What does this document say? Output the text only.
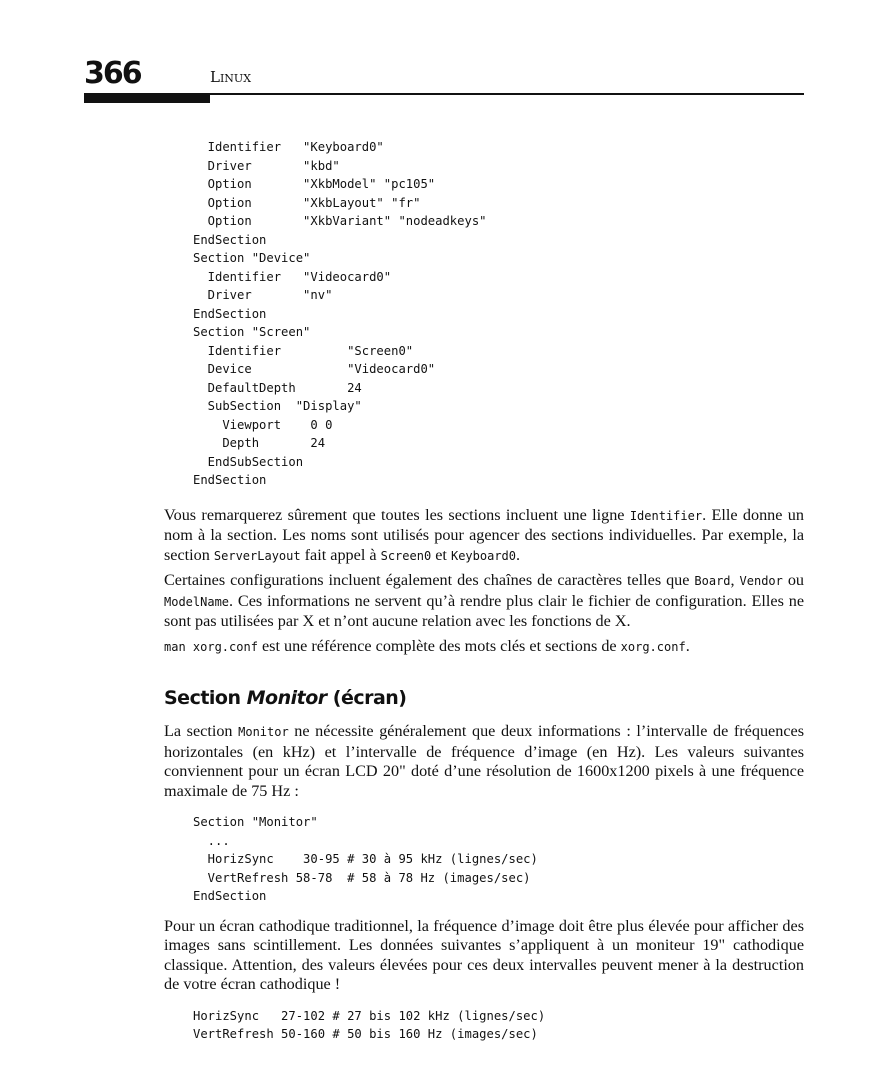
366	Linux
Identifier   "Keyboard0"
Driver       "kbd"
Option       "XkbModel" "pc105"
Option       "XkbLayout" "fr"
Option       "XkbVariant" "nodeadkeys"
EndSection
Section "Device"
Identifier   "Videocard0"
Driver       "nv"
EndSection
Section "Screen"
Identifier         "Screen0"
Device             "Videocard0"
DefaultDepth       24
SubSection  "Display"
Viewport    0 0
Depth       24
EndSubSection
EndSection

Vous remarquerez sûrement que toutes les sections incluent une ligne Identifier. Elle donne un nom à la section. Les noms sont utilisés pour agencer des sections individuelles. Par exemple, la section ServerLayout fait appel à Screen0 et Keyboard0.

Certaines configurations incluent également des chaînes de caractères telles que Board, Vendor ou ModelName. Ces informations ne servent qu’à rendre plus clair le fichier de configuration. Elles ne sont pas utilisées par X et n’ont aucune relation avec les fonctions de X.

man xorg.conf est une référence complète des mots clés et sections de xorg.conf.

Section Monitor (écran)

La section Monitor ne nécessite généralement que deux informations : l’intervalle de fréquences horizontales (en kHz) et l’intervalle de fréquence d’image (en Hz). Les valeurs suivantes conviennent pour un écran LCD 20" doté d’une résolution de 1600x1200 pixels à une fréquence maximale de 75 Hz :

Section "Monitor"
...
HorizSync    30-95 # 30 à 95 kHz (lignes/sec)
VertRefresh 58-78  # 58 à 78 Hz (images/sec)
EndSection

Pour un écran cathodique traditionnel, la fréquence d’image doit être plus élevée pour afficher des images sans scintillement. Les données suivantes s’appliquent à un moniteur 19" cathodique classique. Attention, des valeurs élevées pour ces deux intervalles peuvent mener à la destruction de votre écran cathodique !

HorizSync   27-102 # 27 bis 102 kHz (lignes/sec)
VertRefresh 50-160 # 50 bis 160 Hz (images/sec)
